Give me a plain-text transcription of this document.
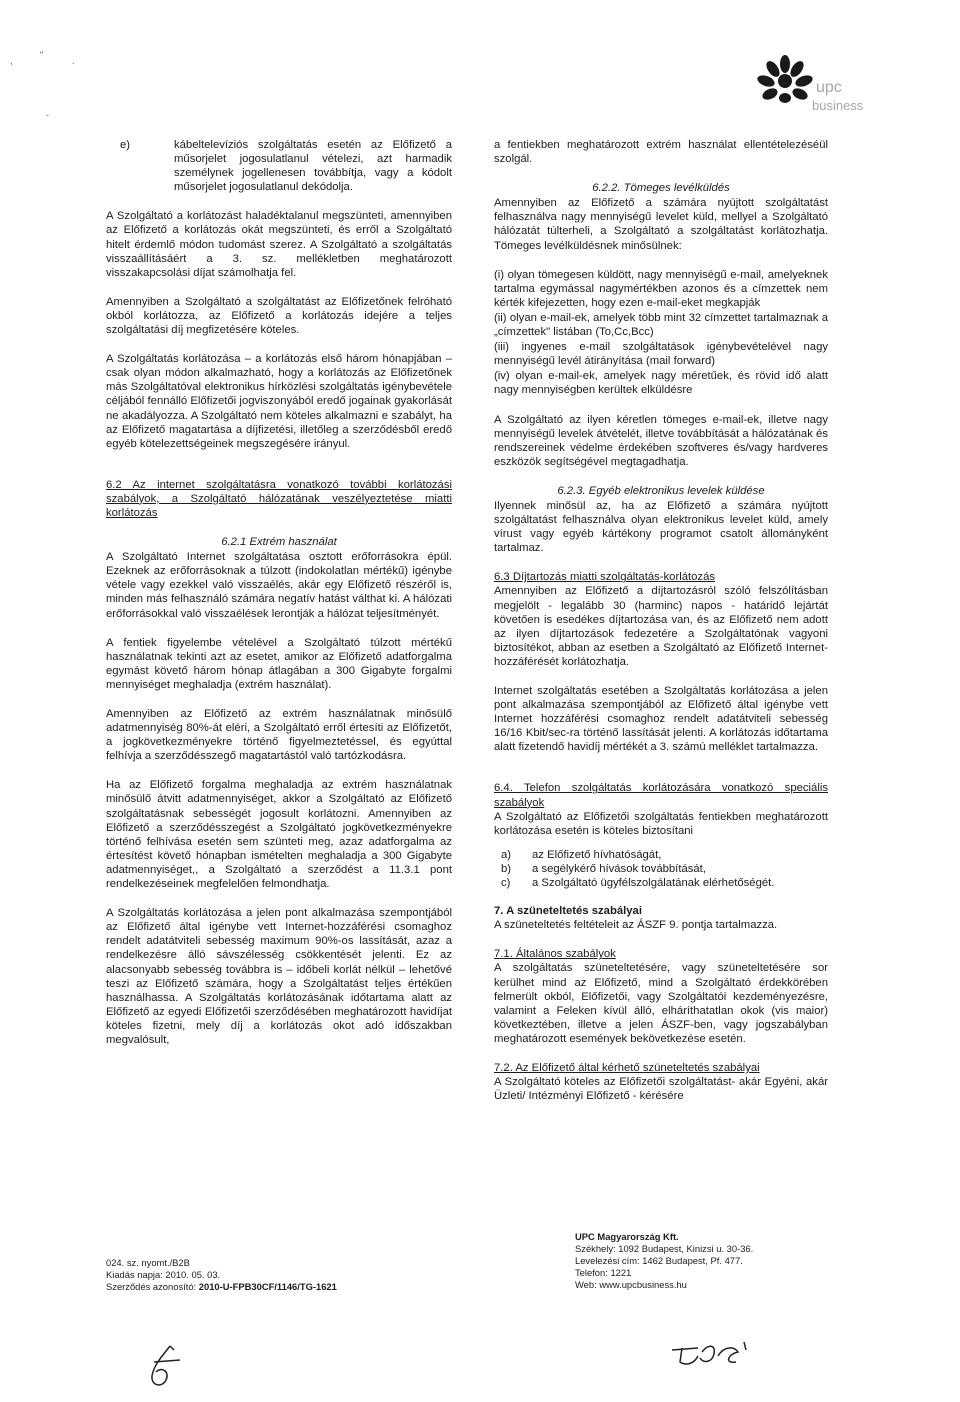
,
"
.
-
upc
business
e)	kábeltelevíziós szolgáltatás esetén az Előfizető a műsorjelet jogosulatlanul vételezi, azt harmadik személynek jogellenesen továbbítja, vagy a kódolt műsorjelet jogosulatlanul dekódolja.

A Szolgáltató a korlátozást haladéktalanul megszünteti, amennyiben az Előfizető a korlátozás okát megszünteti, és erről a Szolgáltató hitelt érdemlő módon tudomást szerez. A Szolgáltató a szolgáltatás visszaállításáért a 3. sz. mellékletben meghatározott visszakapcsolási díjat számolhatja fel.

Amennyiben a Szolgáltató a szolgáltatást az Előfizetőnek felróható okból korlátozza, az Előfizető a korlátozás idejére a teljes szolgáltatási díj megfizetésére köteles.

A Szolgáltatás korlátozása – a korlátozás első három hónapjában – csak olyan módon alkalmazható, hogy a korlátozás az Előfizetőnek más Szolgáltatóval elektronikus hírközlési szolgáltatás igénybevétele céljából fennálló Előfizetői jogviszonyából eredő jogainak gyakorlását ne akadályozza. A Szolgáltató nem köteles alkalmazni e szabályt, ha az Előfizető magatartása a díjfizetési, illetőleg a szerződésből eredő egyéb kötelezettségeinek megszegésére irányul.

6.2 Az internet szolgáltatásra vonatkozó további korlátozási szabályok, a Szolgáltató hálózatának veszélyeztetése miatti korlátozás

6.2.1 Extrém használat

A Szolgáltató Internet szolgáltatása osztott erőforrásokra épül. Ezeknek az erőforrásoknak a túlzott (indokolatlan mértékű) igénybe vétele vagy ezekkel való visszaélés, akár egy Előfizető részéről is, minden más felhasználó számára negatív hatást válthat ki. A hálózati erőforrásokkal való visszaélések lerontják a hálózat teljesítményét.

A fentiek figyelembe vételével a Szolgáltató túlzott mértékű használatnak tekinti azt az esetet, amikor az Előfizető adatforgalma egymást követő három hónap átlagában a 300 Gigabyte forgalmi mennyiséget meghaladja (extrém használat).

Amennyiben az Előfizető az extrém használatnak minősülő adatmennyiség 80%-át eléri, a Szolgáltató erről értesíti az Előfizetőt, a jogkövetkezményekre történő figyelmeztetéssel, és egyúttal felhívja a szerződésszegő magatartástól való tartózkodásra.

Ha az Előfizető forgalma meghaladja az extrém használatnak minősülő átvitt adatmennyiséget, akkor a Szolgáltató az Előfizető szolgáltatásnak sebességét jogosult korlátozni. Amennyiben az Előfizető a szerződésszegést a Szolgáltató jogkövetkezményekre történő felhívása esetén sem szünteti meg, azaz adatforgalma az értesítést követő hónapban ismételten meghaladja a 300 Gigabyte adatmennyiséget,, a Szolgáltató a szerződést a 11.3.1 pont rendelkezéseinek megfelelően felmondhatja.

A Szolgáltatás korlátozása a jelen pont alkalmazása szempontjából az Előfizető által igénybe vett Internet-hozzáférési csomaghoz rendelt adatátviteli sebesség maximum 90%-os lassítását, azaz a rendelkezésre álló sávszélesség csökkentését jelenti. Ez az alacsonyabb sebesség továbbra is – időbeli korlát nélkül – lehetővé teszi az Előfizető számára, hogy a Szolgáltatást teljes értékűen használhassa. A Szolgáltatás korlátozásának időtartama alatt az Előfizető az egyedi Előfizetői szerződésében meghatározott havidíjat köteles fizetni, mely díj a korlátozás okot adó időszakban megvalósult,

a fentiekben meghatározott extrém használat ellentételezéséül szolgál.

6.2.2. Tömeges levélküldés

Amennyiben az Előfizető a számára nyújtott szolgáltatást felhasználva nagy mennyiségű levelet küld, mellyel a Szolgáltató hálózatát túlterheli, a Szolgáltató a szolgáltatást korlátozhatja. Tömeges levélküldésnek minősülnek:

(i) olyan tömegesen küldött, nagy mennyiségű e-mail, amelyeknek tartalma egymással nagymértékben azonos és a címzettek nem kérték kifejezetten, hogy ezen e-mail-eket megkapják

(ii) olyan e-mail-ek, amelyek több mint 32 címzettet tartalmaznak a „címzettek" listában (To,Cc,Bcc)

(iii) ingyenes e-mail szolgáltatások igénybevételével nagy mennyiségű levél átirányítása (mail forward)

(iv) olyan e-mail-ek, amelyek nagy méretűek, és rövid idő alatt nagy mennyiségben kerültek elküldésre

A Szolgáltató az ilyen kéretlen tömeges e-mail-ek, illetve nagy mennyiségű levelek átvételét, illetve továbbítását a hálózatának és rendszereinek védelme érdekében szoftveres és/vagy hardveres eszközök segítségével megtagadhatja.

6.2.3. Egyéb elektronikus levelek küldése

Ilyennek minősül az, ha az Előfizető a számára nyújtott szolgáltatást felhasználva olyan elektronikus levelet küld, amely vírust vagy egyéb kártékony programot csatolt állományként tartalmaz.

6.3 Díjtartozás miatti szolgáltatás-korlátozás

Amennyiben az Előfizető a díjtartozásról szóló felszólításban megjelölt - legalább 30 (harminc) napos - határidő lejártát követően is esedékes díjtartozása van, és az Előfizető nem adott az ilyen díjtartozások fedezetére a Szolgáltatónak vagyoni biztosítékot, abban az esetben a Szolgáltató az Előfizető Internet-hozzáférését korlátozhatja.

Internet szolgáltatás esetében a Szolgáltatás korlátozása a jelen pont alkalmazása szempontjából az Előfizető által igénybe vett Internet hozzáférési csomaghoz rendelt adatátviteli sebesség 16/16 Kbit/sec-ra történő lassítását jelenti. A korlátozás időtartama alatt fizetendő havidíj mértékét a 3. számú melléklet tartalmazza.

6.4. Telefon szolgáltatás korlátozására vonatkozó speciális szabályok

A Szolgáltató az Előfizetői szolgáltatás fentiekben meghatározott korlátozása esetén is köteles biztosítani

a)	az Előfizető hívhatóságát,
b)	a segélykérő hívások továbbítását,
c)	a Szolgáltató ügyfélszolgálatának elérhetőségét.

7. A szüneteltetés szabályai

A szüneteltetés feltételeit az ÁSZF 9. pontja tartalmazza.

7.1. Általános szabályok

A szolgáltatás szüneteltetésére, vagy szüneteltetésére sor kerülhet mind az Előfizető, mind a Szolgáltató érdekkörében felmerült okból, Előfizetői, vagy Szolgáltatói kezdeményezésre, valamint a Feleken kívül álló, elháríthatatlan okok (vis maior) következtében, illetve a jelen ÁSZF-ben, vagy jogszabályban meghatározott események bekövetkezése esetén.

7.2. Az Előfizető által kérhető szüneteltetés szabályai

A Szolgáltató köteles az Előfizetői szolgáltatást- akár Egyéni, akár Üzleti/ Intézményi Előfizető - kérésére

024. sz. nyomt./B2B
Kiadás napja: 2010. 05. 03.
Szerződés azonosító: 2010-U-FPB30CF/1146/TG-1621
UPC Magyarország Kft.
Székhely: 1092 Budapest, Kinizsi u. 30-36.
Levelezési cím: 1462 Budapest, Pf. 477.
Telefon: 1221
Web: www.upcbusiness.hu
